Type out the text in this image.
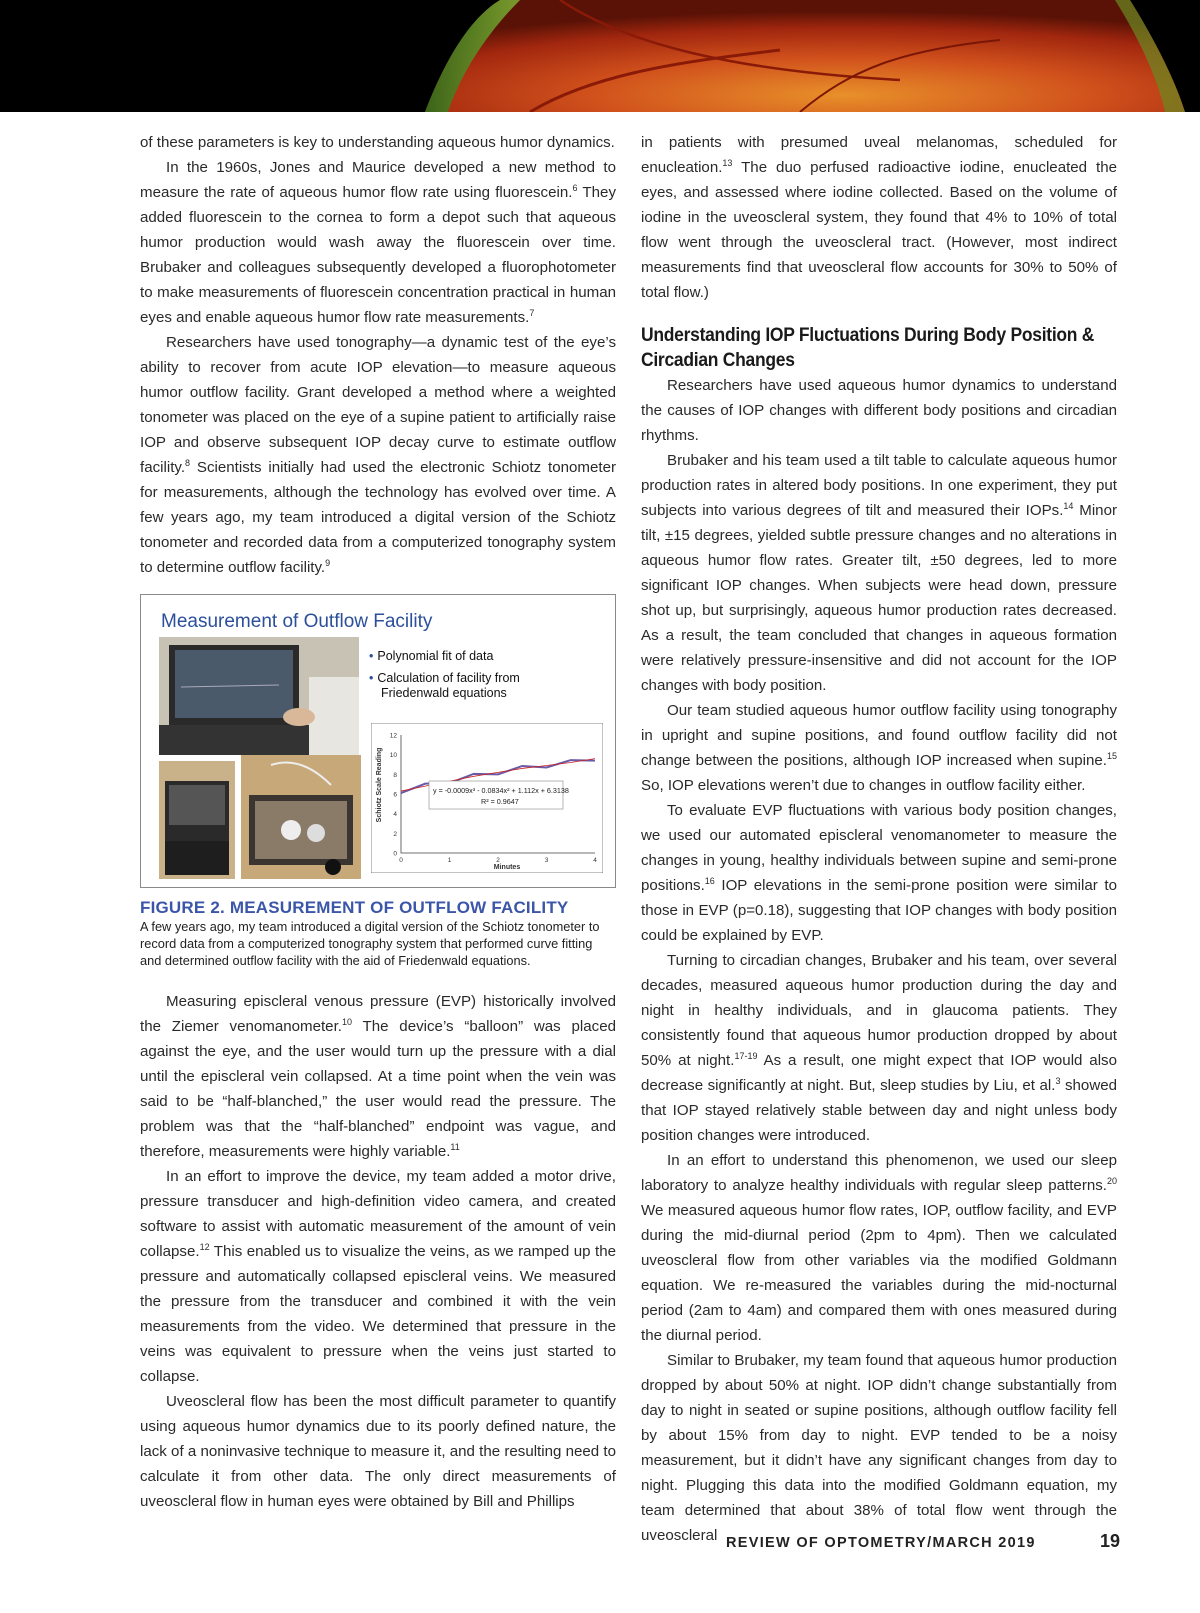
of these parameters is key to understanding aqueous humor dynamics.

In the 1960s, Jones and Maurice developed a new method to measure the rate of aqueous humor flow rate using fluorescein.$^6$ They added fluorescein to the cornea to form a depot such that aqueous humor production would wash away the fluorescein over time. Brubaker and colleagues subsequently developed a fluorophotometer to make measurements of fluorescein concentration practical in human eyes and enable aqueous humor flow rate measurements.$^7$

Researchers have used tonography—a dynamic test of the eye’s ability to recover from acute IOP elevation—to measure aqueous humor outflow facility. Grant developed a method where a weighted tonometer was placed on the eye of a supine patient to artificially raise IOP and observe subsequent IOP decay curve to estimate outflow facility.$^8$ Scientists initially had used the electronic Schiotz tonometer for measurements, although the technology has evolved over time. A few years ago, my team introduced a digital version of the Schiotz tonometer and recorded data from a computerized tonography system to determine outflow facility.$^9$

Measurement of Outflow Facility
• Polynomial fit of data
• Calculation of facility from
Friedenwald equations
Schiotz Scale Reading
Minutes
0
2
4
6
8
10
12
0	1	2	3	4
y = -0.0009x³ - 0.0834x² + 1.112x + 6.3138
R² = 0.9647
FIGURE 2. MEASUREMENT OF OUTFLOW FACILITY
A few years ago, my team introduced a digital version of the Schiotz tonometer to record data from a computerized tonography system that performed curve fitting and determined outflow facility with the aid of Friedenwald equations.

Measuring episcleral venous pressure (EVP) historically involved the Ziemer venomanometer.$^{10}$ The device’s “balloon” was placed against the eye, and the user would turn up the pressure with a dial until the episcleral vein collapsed. At a time point when the vein was said to be “half-blanched,” the user would read the pressure. The problem was that the “half-blanched” endpoint was vague, and therefore, measurements were highly variable.$^{11}$

In an effort to improve the device, my team added a motor drive, pressure transducer and high-definition video camera, and created software to assist with automatic measurement of the amount of vein collapse.$^{12}$ This enabled us to visualize the veins, as we ramped up the pressure and automatically collapsed episcleral veins. We measured the pressure from the transducer and combined it with the vein measurements from the video. We determined that pressure in the veins was equivalent to pressure when the veins just started to collapse.

Uveoscleral flow has been the most difficult parameter to quantify using aqueous humor dynamics due to its poorly defined nature, the lack of a noninvasive technique to measure it, and the resulting need to calculate it from other data. The only direct measurements of uveoscleral flow in human eyes were obtained by Bill and Phillips

in patients with presumed uveal melanomas, scheduled for enucleation.$^{13}$ The duo perfused radioactive iodine, enucleated the eyes, and assessed where iodine collected. Based on the volume of iodine in the uveoscleral system, they found that 4% to 10% of total flow went through the uveoscleral tract. (However, most indirect measurements find that uveoscleral flow accounts for 30% to 50% of total flow.)

Understanding IOP Fluctuations During Body Position & Circadian Changes

Researchers have used aqueous humor dynamics to understand the causes of IOP changes with different body positions and circadian rhythms.

Brubaker and his team used a tilt table to calculate aqueous humor production rates in altered body positions. In one experiment, they put subjects into various degrees of tilt and measured their IOPs.$^{14}$ Minor tilt, ±15 degrees, yielded subtle pressure changes and no alterations in aqueous humor flow rates. Greater tilt, ±50 degrees, led to more significant IOP changes. When subjects were head down, pressure shot up, but surprisingly, aqueous humor production rates decreased. As a result, the team concluded that changes in aqueous formation were relatively pressure-insensitive and did not account for the IOP changes with body position.

Our team studied aqueous humor outflow facility using tonography in upright and supine positions, and found outflow facility did not change between the positions, although IOP increased when supine.$^{15}$ So, IOP elevations weren’t due to changes in outflow facility either.

To evaluate EVP fluctuations with various body position changes, we used our automated episcleral venomanometer to measure the changes in young, healthy individuals between supine and semi-prone positions.$^{16}$ IOP elevations in the semi-prone position were similar to those in EVP (p=0.18), suggesting that IOP changes with body position could be explained by EVP.

Turning to circadian changes, Brubaker and his team, over several decades, measured aqueous humor production during the day and night in healthy individuals, and in glaucoma patients. They consistently found that aqueous humor production dropped by about 50% at night.$^{17-19}$ As a result, one might expect that IOP would also decrease significantly at night. But, sleep studies by Liu, et al.$^3$ showed that IOP stayed relatively stable between day and night unless body position changes were introduced.

In an effort to understand this phenomenon, we used our sleep laboratory to analyze healthy individuals with regular sleep patterns.$^{20}$ We measured aqueous humor flow rates, IOP, outflow facility, and EVP during the mid-diurnal period (2pm to 4pm). Then we calculated uveoscleral flow from other variables via the modified Goldmann equation. We re-measured the variables during the mid-nocturnal period (2am to 4am) and compared them with ones measured during the diurnal period.

Similar to Brubaker, my team found that aqueous humor production dropped by about 50% at night. IOP didn’t change substantially from day to night in seated or supine positions, although outflow facility fell by about 15% from day to night. EVP tended to be a noisy measurement, but it didn’t have any significant changes from day to night. Plugging this data into the modified Goldmann equation, my team determined that about 38% of total flow went through the uveoscleral REVIEW OF OPTOMETRY/MARCH 2019	19
